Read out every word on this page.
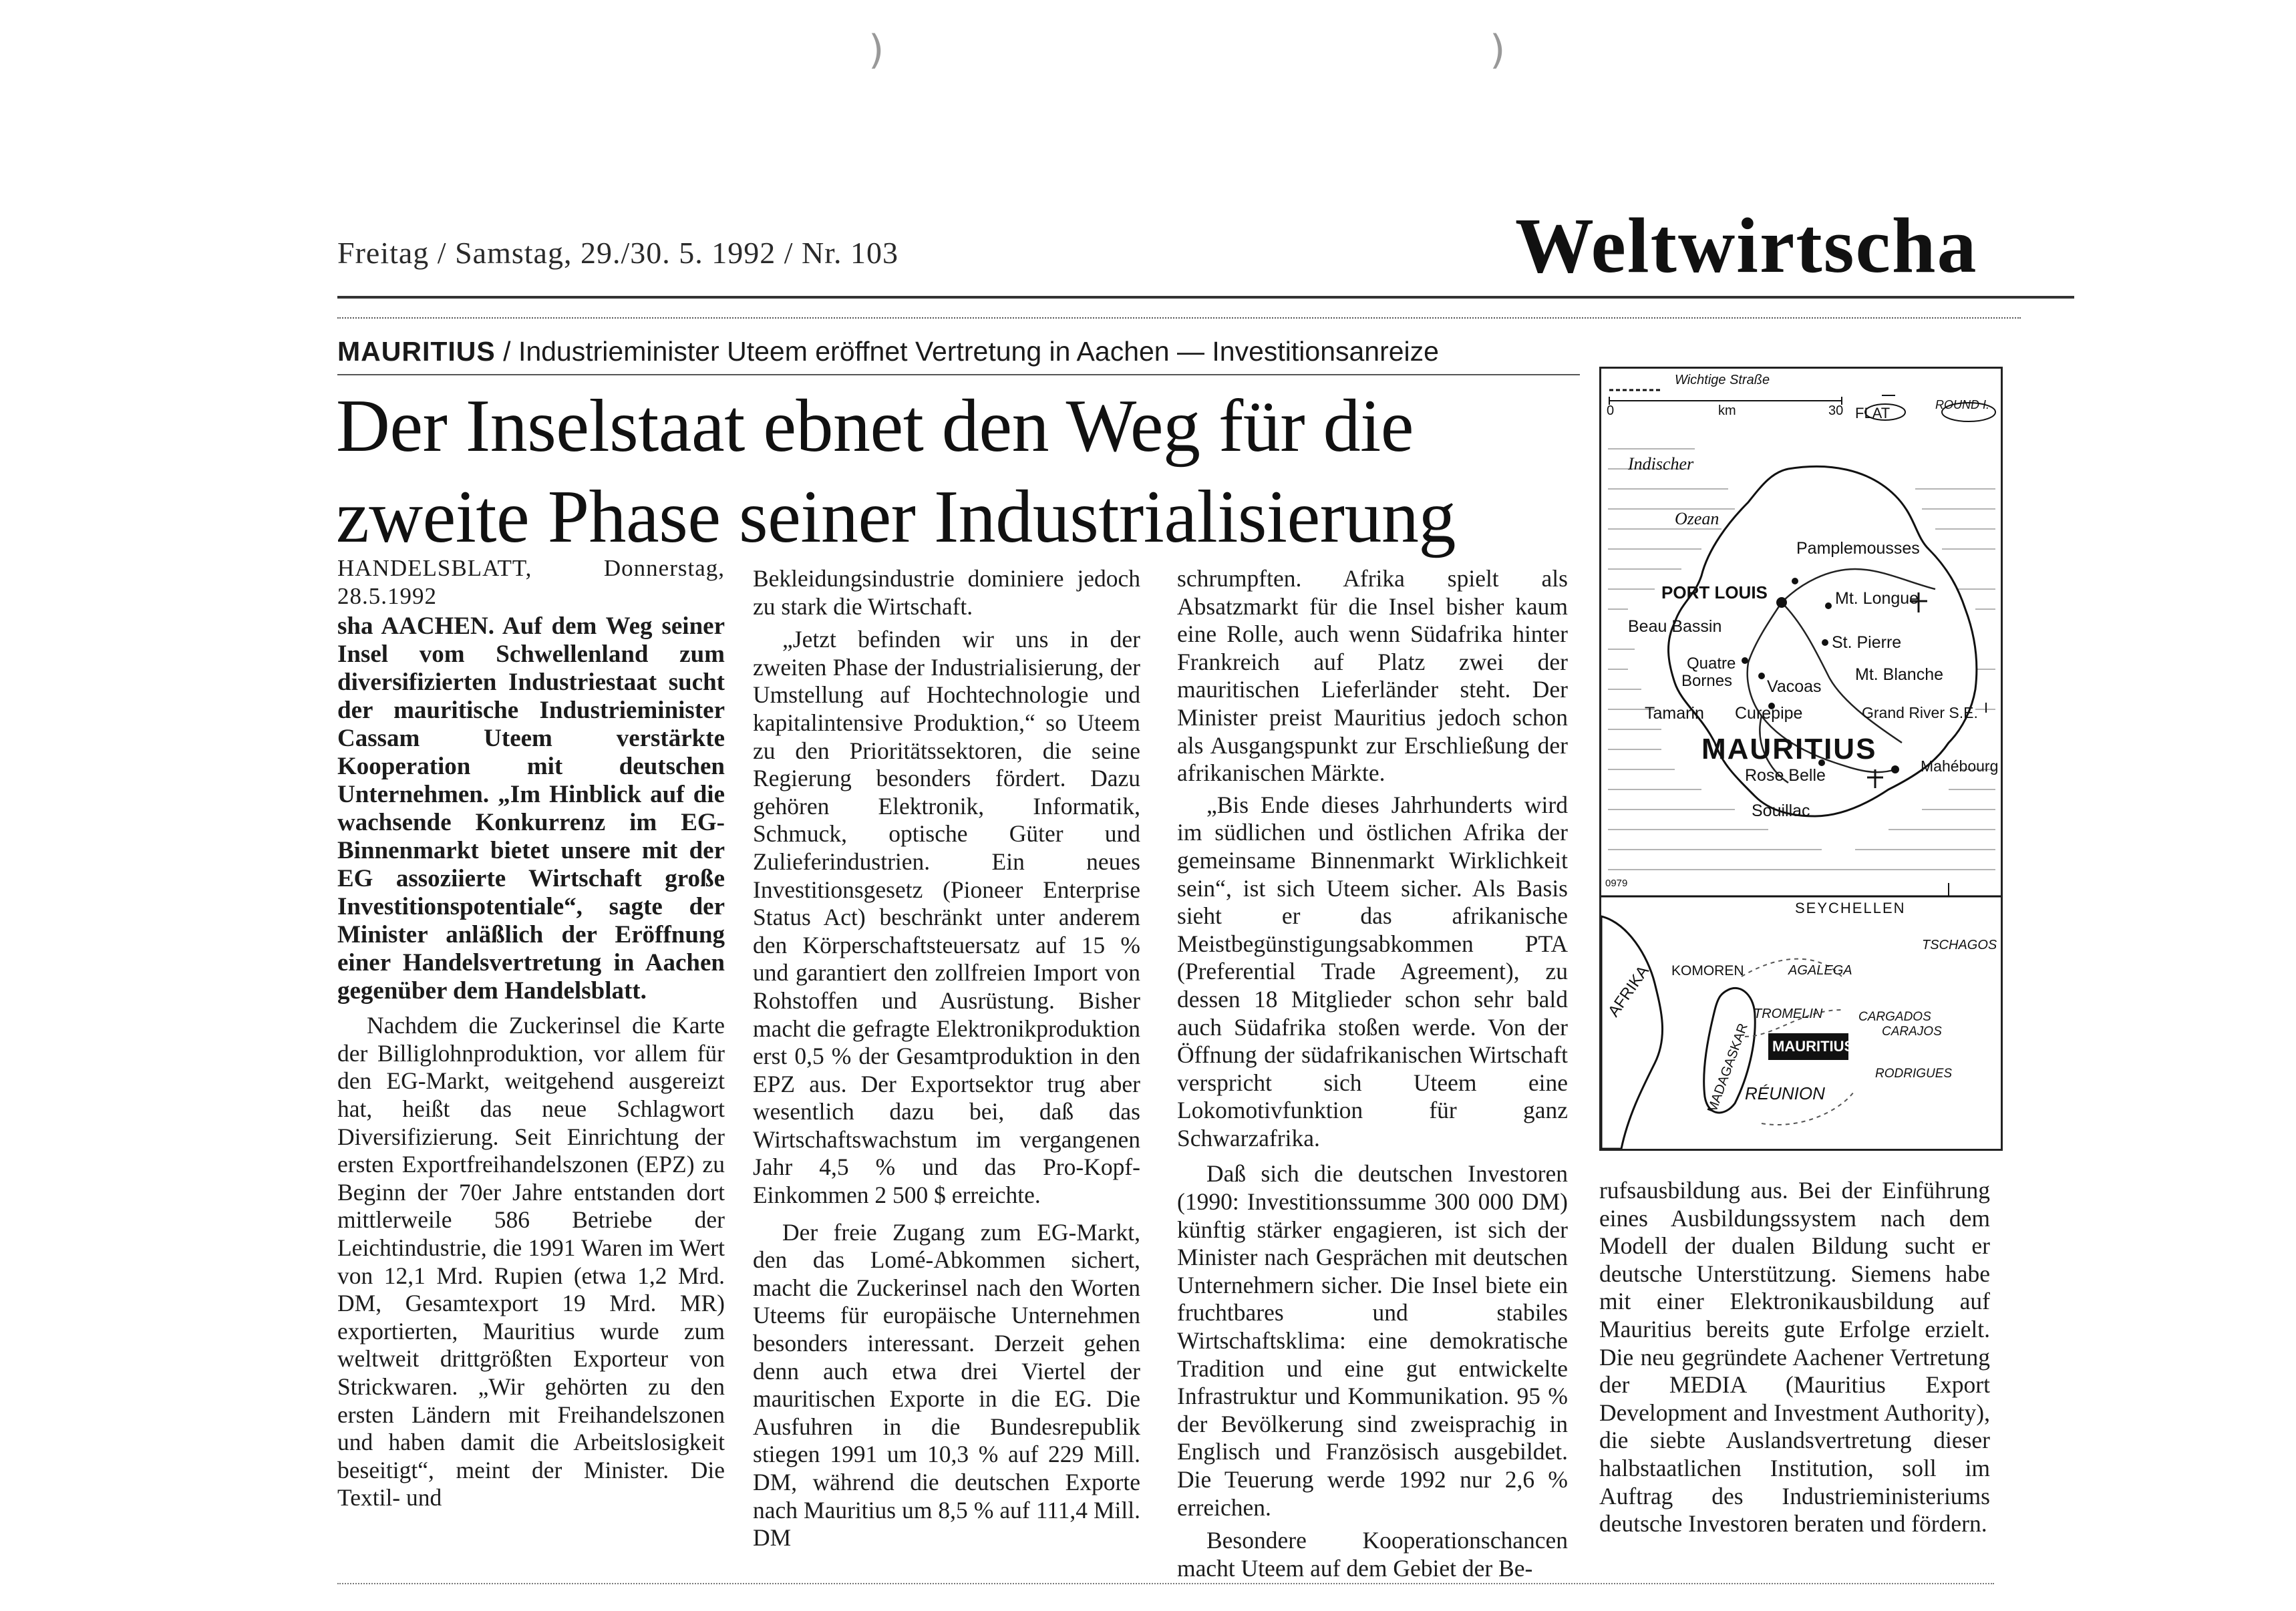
)	)
Freitag / Samstag, 29./30. 5. 1992 / Nr. 103	Weltwirtscha
MAURITIUS / Industrieminister Uteem eröffnet Vertretung in Aachen — Investitionsanreize
Der Inselstaat ebnet den Weg für die zweite Phase seiner Industrialisierung
HANDELSBLATT, Donnerstag, 28.5.1992

sha AACHEN. Auf dem Weg seiner Insel vom Schwellenland zum diversifizierten Industriestaat sucht der mauritische Industrieminister Cassam Uteem verstärkte Kooperation mit deutschen Unternehmen. „Im Hinblick auf die wachsende Konkurrenz im EG-Binnenmarkt bietet unsere mit der EG assoziierte Wirtschaft große Investitionspotentiale“, sagte der Minister anläßlich der Eröffnung einer Handelsvertretung in Aachen gegenüber dem Handelsblatt.

Nachdem die Zuckerinsel die Karte der Billiglohnproduktion, vor allem für den EG-Markt, weitgehend ausgereizt hat, heißt das neue Schlagwort Diversifizierung. Seit Einrichtung der ersten Exportfreihandelszonen (EPZ) zu Beginn der 70er Jahre entstanden dort mittlerweile 586 Betriebe der Leichtindustrie, die 1991 Waren im Wert von 12,1 Mrd. Rupien (etwa 1,2 Mrd. DM, Gesamtexport 19 Mrd. MR) exportierten, Mauritius wurde zum weltweit drittgrößten Exporteur von Strickwaren. „Wir gehörten zu den ersten Ländern mit Freihandelszonen und haben damit die Arbeitslosigkeit beseitigt“, meint der Minister. Die Textil- und

Bekleidungsindustrie dominiere jedoch zu stark die Wirtschaft.

„Jetzt befinden wir uns in der zweiten Phase der Industrialisierung, der Umstellung auf Hochtechnologie und kapitalintensive Produktion,“ so Uteem zu den Prioritätssektoren, die seine Regierung besonders fördert. Dazu gehören Elektronik, Informatik, Schmuck, optische Güter und Zulieferindustrien. Ein neues Investitionsgesetz (Pioneer Enterprise Status Act) beschränkt unter anderem den Körperschaftsteuersatz auf 15 % und garantiert den zollfreien Import von Rohstoffen und Ausrüstung. Bisher macht die gefragte Elektronikproduktion erst 0,5 % der Gesamtproduktion in den EPZ aus. Der Exportsektor trug aber wesentlich dazu bei, daß das Wirtschaftswachstum im vergangenen Jahr 4,5 % und das Pro-Kopf-Einkommen 2 500 $ erreichte.

Der freie Zugang zum EG-Markt, den das Lomé-Abkommen sichert, macht die Zuckerinsel nach den Worten Uteems für europäische Unternehmen besonders interessant. Derzeit gehen denn auch etwa drei Viertel der mauritischen Exporte in die EG. Die Ausfuhren in die Bundesrepublik stiegen 1991 um 10,3 % auf 229 Mill. DM, während die deutschen Exporte nach Mauritius um 8,5 % auf 111,4 Mill. DM

schrumpften. Afrika spielt als Absatzmarkt für die Insel bisher kaum eine Rolle, auch wenn Südafrika hinter Frankreich auf Platz zwei der mauritischen Lieferländer steht. Der Minister preist Mauritius jedoch schon als Ausgangspunkt zur Erschließung der afrikanischen Märkte.

„Bis Ende dieses Jahrhunderts wird im südlichen und östlichen Afrika der gemeinsame Binnenmarkt Wirklichkeit sein“, ist sich Uteem sicher. Als Basis sieht er das afrikanische Meistbegünstigungsabkommen PTA (Preferential Trade Agreement), zu dessen 18 Mitglieder schon sehr bald auch Südafrika stoßen werde. Von der Öffnung der südafrikanischen Wirtschaft verspricht sich Uteem eine Lokomotivfunktion für ganz Schwarzafrika.

Daß sich die deutschen Investoren (1990: Investitionssumme 300 000 DM) künftig stärker engagieren, ist sich der Minister nach Gesprächen mit deutschen Unternehmern sicher. Die Insel biete ein fruchtbares und stabiles Wirtschaftsklima: eine demokratische Tradition und eine gut entwickelte Infrastruktur und Kommunikation. 95 % der Bevölkerung sind zweisprachig in Englisch und Französisch ausgebildet. Die Teuerung werde 1992 nur 2,6 % erreichen.

Besondere Kooperationschancen macht Uteem auf dem Gebiet der Be-

rufsausbildung aus. Bei der Einführung eines Ausbildungssystem nach dem Modell der dualen Bildung sucht er deutsche Unterstützung. Siemens habe mit einer Elektronikausbildung auf Mauritius bereits gute Erfolge erzielt. Die neu gegründete Aachener Vertretung der MEDIA (Mauritius Export Development and Investment Authority), die siebte Auslandsvertretung dieser halbstaatlichen Institution, soll im Auftrag des Industrieministeriums deutsche Investoren beraten und fördern.

Wichtige Straße
0	km	30 FLAT	ROUND I.
Indischer
Ozean
Pamplemousses
PORT LOUIS	Mt. Longue
Beau Bassin
St. Pierre
Quatre
Bornes Vacoas
Mt. Blanche
Tamarin Curepipe	Grand River S.E.
MAURITIUS
Mahébourg
Rose Belle
Souillac
0979
SEYCHELLEN
TSCHAGOS
KOMOREN	AGALEGA
AFRIKA
MADAGASKAR
TROMELIN	CARGADOS
CARAJOS
MAURITIUS
RODRIGUES
RÉUNION
